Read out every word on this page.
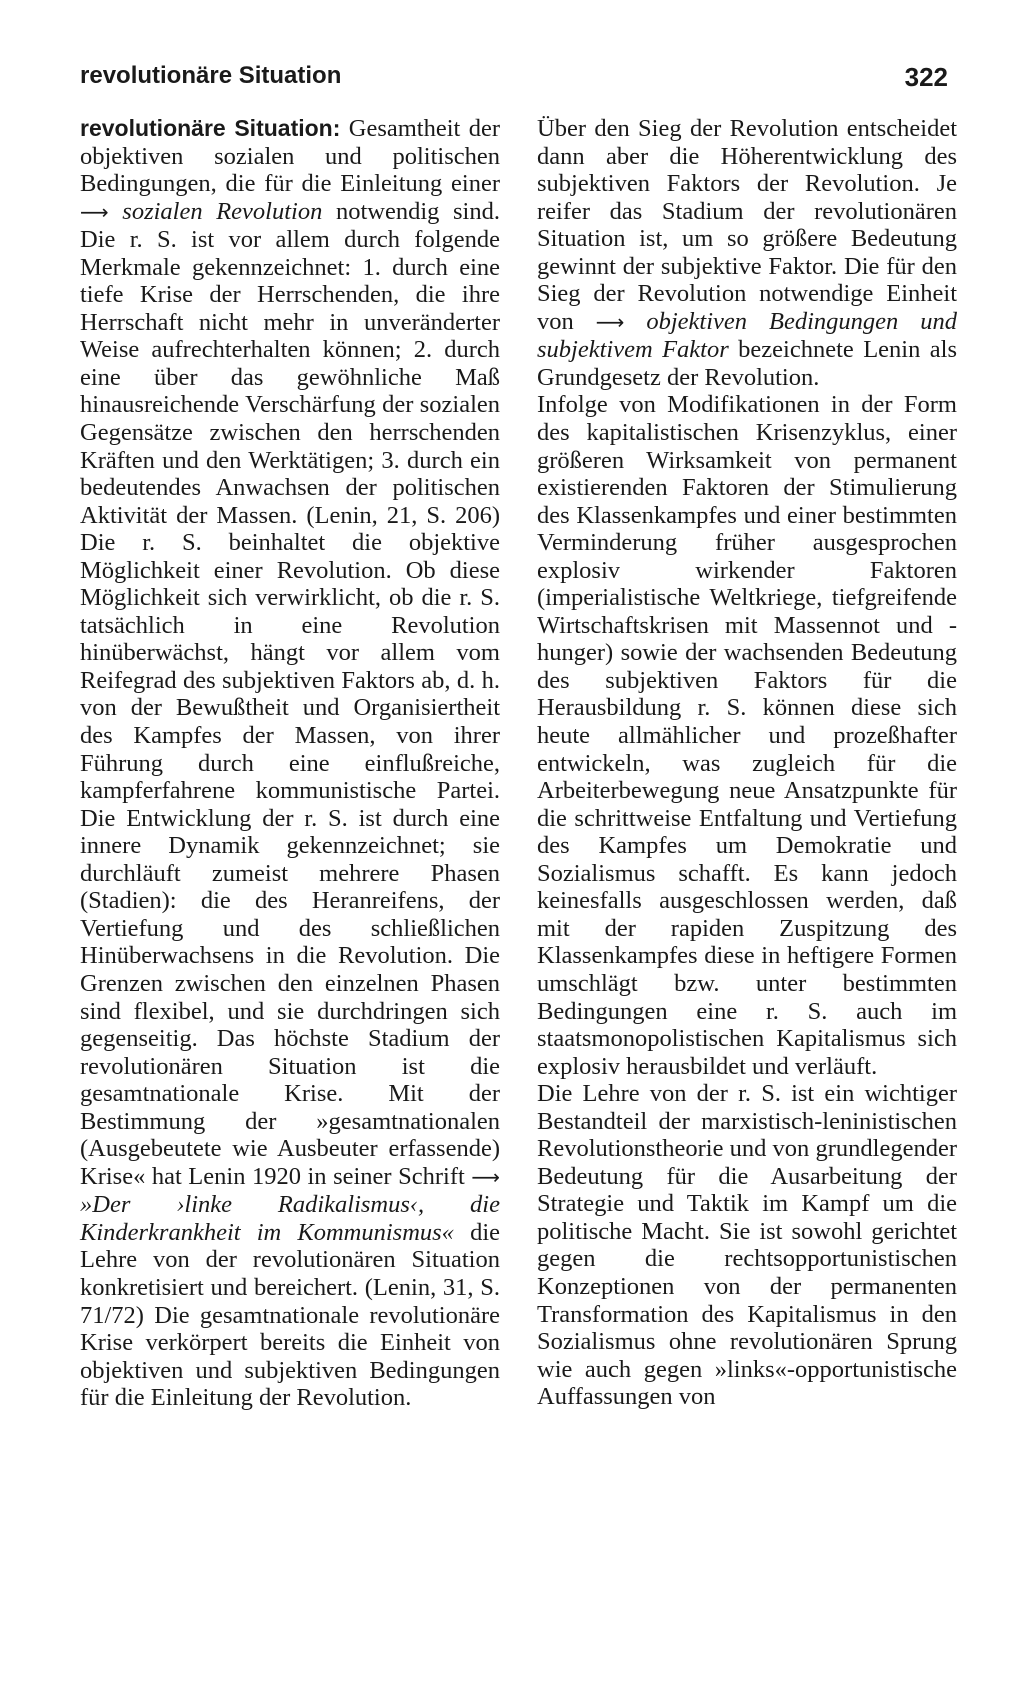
revolutionäre Situation	322

revolutionäre Situation: Gesamtheit der objektiven sozialen und politischen Bedingungen, die für die Einleitung einer ⟶ sozialen Revolution notwendig sind. Die r. S. ist vor allem durch folgende Merkmale gekennzeichnet: 1. durch eine tiefe Krise der Herrschenden, die ihre Herrschaft nicht mehr in unveränderter Weise aufrechterhalten können; 2. durch eine über das gewöhnliche Maß hinausreichende Verschärfung der sozialen Gegensätze zwischen den herrschenden Kräften und den Werktätigen; 3. durch ein bedeutendes Anwachsen der politischen Aktivität der Massen. (Lenin, 21, S. 206) Die r. S. beinhaltet die objektive Möglichkeit einer Revolution. Ob diese Möglichkeit sich verwirklicht, ob die r. S. tatsächlich in eine Revolution hinüberwächst, hängt vor allem vom Reifegrad des subjektiven Faktors ab, d. h. von der Bewußtheit und Organisiertheit des Kampfes der Massen, von ihrer Führung durch eine einflußreiche, kampferfahrene kommunistische Partei. Die Entwicklung der r. S. ist durch eine innere Dynamik gekennzeichnet; sie durchläuft zumeist mehrere Phasen (Stadien): die des Heranreifens, der Vertiefung und des schließlichen Hinüberwachsens in die Revolution. Die Grenzen zwischen den einzelnen Phasen sind flexibel, und sie durchdringen sich gegenseitig. Das höchste Stadium der revolutionären Situation ist die gesamtnationale Krise. Mit der Bestimmung der »gesamtnationalen (Ausgebeutete wie Ausbeuter erfassende) Krise« hat Lenin 1920 in seiner Schrift ⟶ »Der ›linke Radikalismus‹, die Kinderkrankheit im Kommunismus« die Lehre von der revolutionären Situation konkretisiert und bereichert. (Lenin, 31, S. 71/72) Die gesamtnationale revolutionäre Krise verkörpert bereits die Einheit von objektiven und subjektiven Bedingungen für die Einleitung der Revolution.

Über den Sieg der Revolution entscheidet dann aber die Höherentwicklung des subjektiven Faktors der Revolution. Je reifer das Stadium der revolutionären Situation ist, um so größere Bedeutung gewinnt der subjektive Faktor. Die für den Sieg der Revolution notwendige Einheit von ⟶ objektiven Bedingungen und subjektivem Faktor bezeichnete Lenin als Grundgesetz der Revolution.

Infolge von Modifikationen in der Form des kapitalistischen Krisenzyklus, einer größeren Wirksamkeit von permanent existierenden Faktoren der Stimulierung des Klassenkampfes und einer bestimmten Verminderung früher ausgesprochen explosiv wirkender Faktoren (imperialistische Weltkriege, tiefgreifende Wirtschaftskrisen mit Massennot und -hunger) sowie der wachsenden Bedeutung des subjektiven Faktors für die Herausbildung r. S. können diese sich heute allmählicher und prozeßhafter entwickeln, was zugleich für die Arbeiterbewegung neue Ansatzpunkte für die schrittweise Entfaltung und Vertiefung des Kampfes um Demokratie und Sozialismus schafft. Es kann jedoch keinesfalls ausgeschlossen werden, daß mit der rapiden Zuspitzung des Klassenkampfes diese in heftigere Formen umschlägt bzw. unter bestimmten Bedingungen eine r. S. auch im staatsmonopolistischen Kapitalismus sich explosiv herausbildet und verläuft.

Die Lehre von der r. S. ist ein wichtiger Bestandteil der marxistisch-leninistischen Revolutionstheorie und von grundlegender Bedeutung für die Ausarbeitung der Strategie und Taktik im Kampf um die politische Macht. Sie ist sowohl gerichtet gegen die rechtsopportunistischen Konzeptionen von der permanenten Transformation des Kapitalismus in den Sozialismus ohne revolutionären Sprung wie auch gegen »links«-opportunistische Auffassungen von
